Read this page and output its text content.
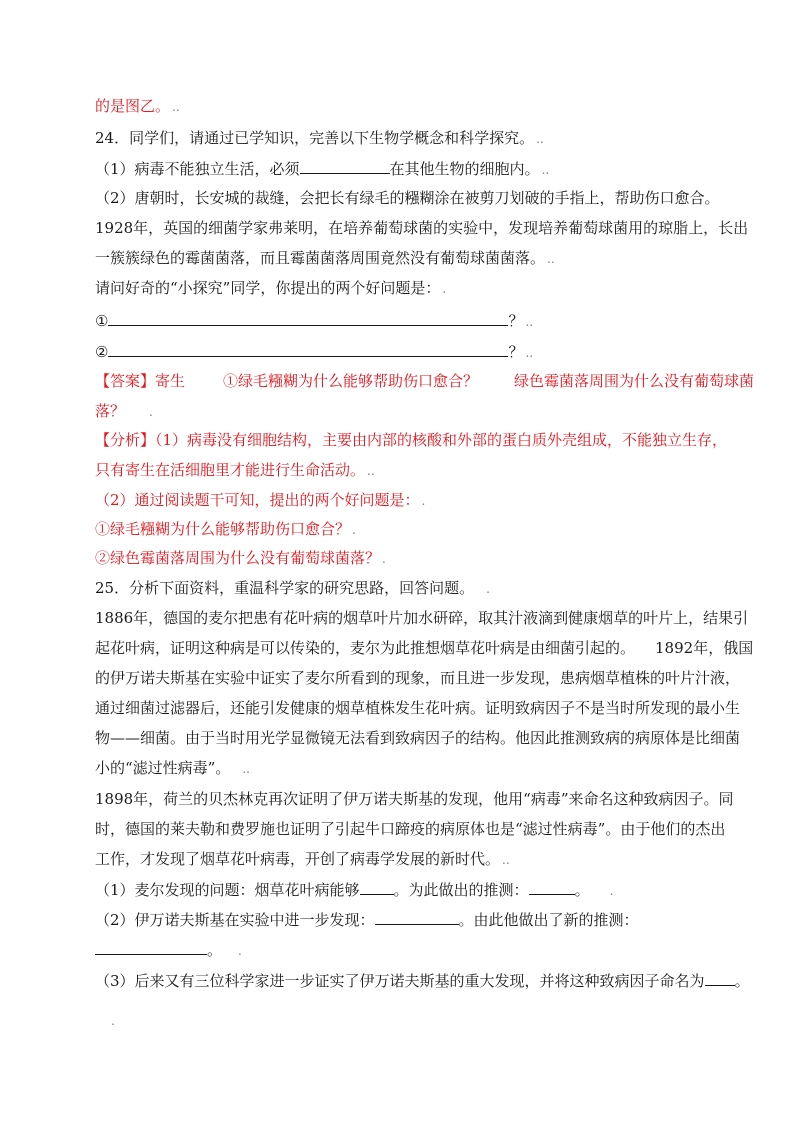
的是图乙。 ..
24．同学们，请通过已学知识，完善以下生物学概念和科学探究。 ..
（1）病毒不能独立生活，必须	在其他生物的细胞内。 ..
（2）唐朝时，长安城的裁缝，会把长有绿毛的糨糊涂在被剪刀划破的手指上，帮助伤口愈合。
1928年，英国的细菌学家弗莱明，在培养葡萄球菌的实验中，发现培养葡萄球菌用的琼脂上，长出
一簇簇绿色的霉菌菌落，而且霉菌菌落周围竟然没有葡萄球菌菌落。 ..
请问好奇的“小探究”同学，你提出的两个好问题是： .
①	？ ..
②	？ ..
【答案】寄生	①绿毛糨糊为什么能够帮助伤口愈合？ 绿色霉菌落周围为什么没有葡萄球菌
落？ .
【分析】（1）病毒没有细胞结构，主要由内部的核酸和外部的蛋白质外壳组成，不能独立生存，
只有寄生在活细胞里才能进行生命活动。 ..
（2）通过阅读题干可知，提出的两个好问题是： .
①绿毛糨糊为什么能够帮助伤口愈合？ .
②绿色霉菌落周围为什么没有葡萄球菌落？ .
25．分析下面资料，重温科学家的研究思路，回答问题。 .
1886年，德国的麦尔把患有花叶病的烟草叶片加水研碎，取其汁液滴到健康烟草的叶片上，结果引
起花叶病，证明这种病是可以传染的，麦尔为此推想烟草花叶病是由细菌引起的。 1892年，俄国
的伊万诺夫斯基在实验中证实了麦尔所看到的现象，而且进一步发现，患病烟草植株的叶片汁液，
通过细菌过滤器后，还能引发健康的烟草植株发生花叶病。证明致病因子不是当时所发现的最小生
物——细菌。由于当时用光学显微镜无法看到致病因子的结构。他因此推测致病的病原体是比细菌
小的“滤过性病毒”。 ..
1898年，荷兰的贝杰林克再次证明了伊万诺夫斯基的发现，他用“病毒”来命名这种致病因子。同
时，德国的莱夫勒和费罗施也证明了引起牛口蹄疫的病原体也是“滤过性病毒”。由于他们的杰出
工作，才发现了烟草花叶病毒，开创了病毒学发展的新时代。 ..
（1）麦尔发现的问题：烟草花叶病能够 。为此做出的推测：	。 .
（2）伊万诺夫斯基在实验中进一步发现：	。由此他做出了新的推测：
。 .
（3）后来又有三位科学家进一步证实了伊万诺夫斯基的重大发现，并将这种致病因子命名为 。
.
